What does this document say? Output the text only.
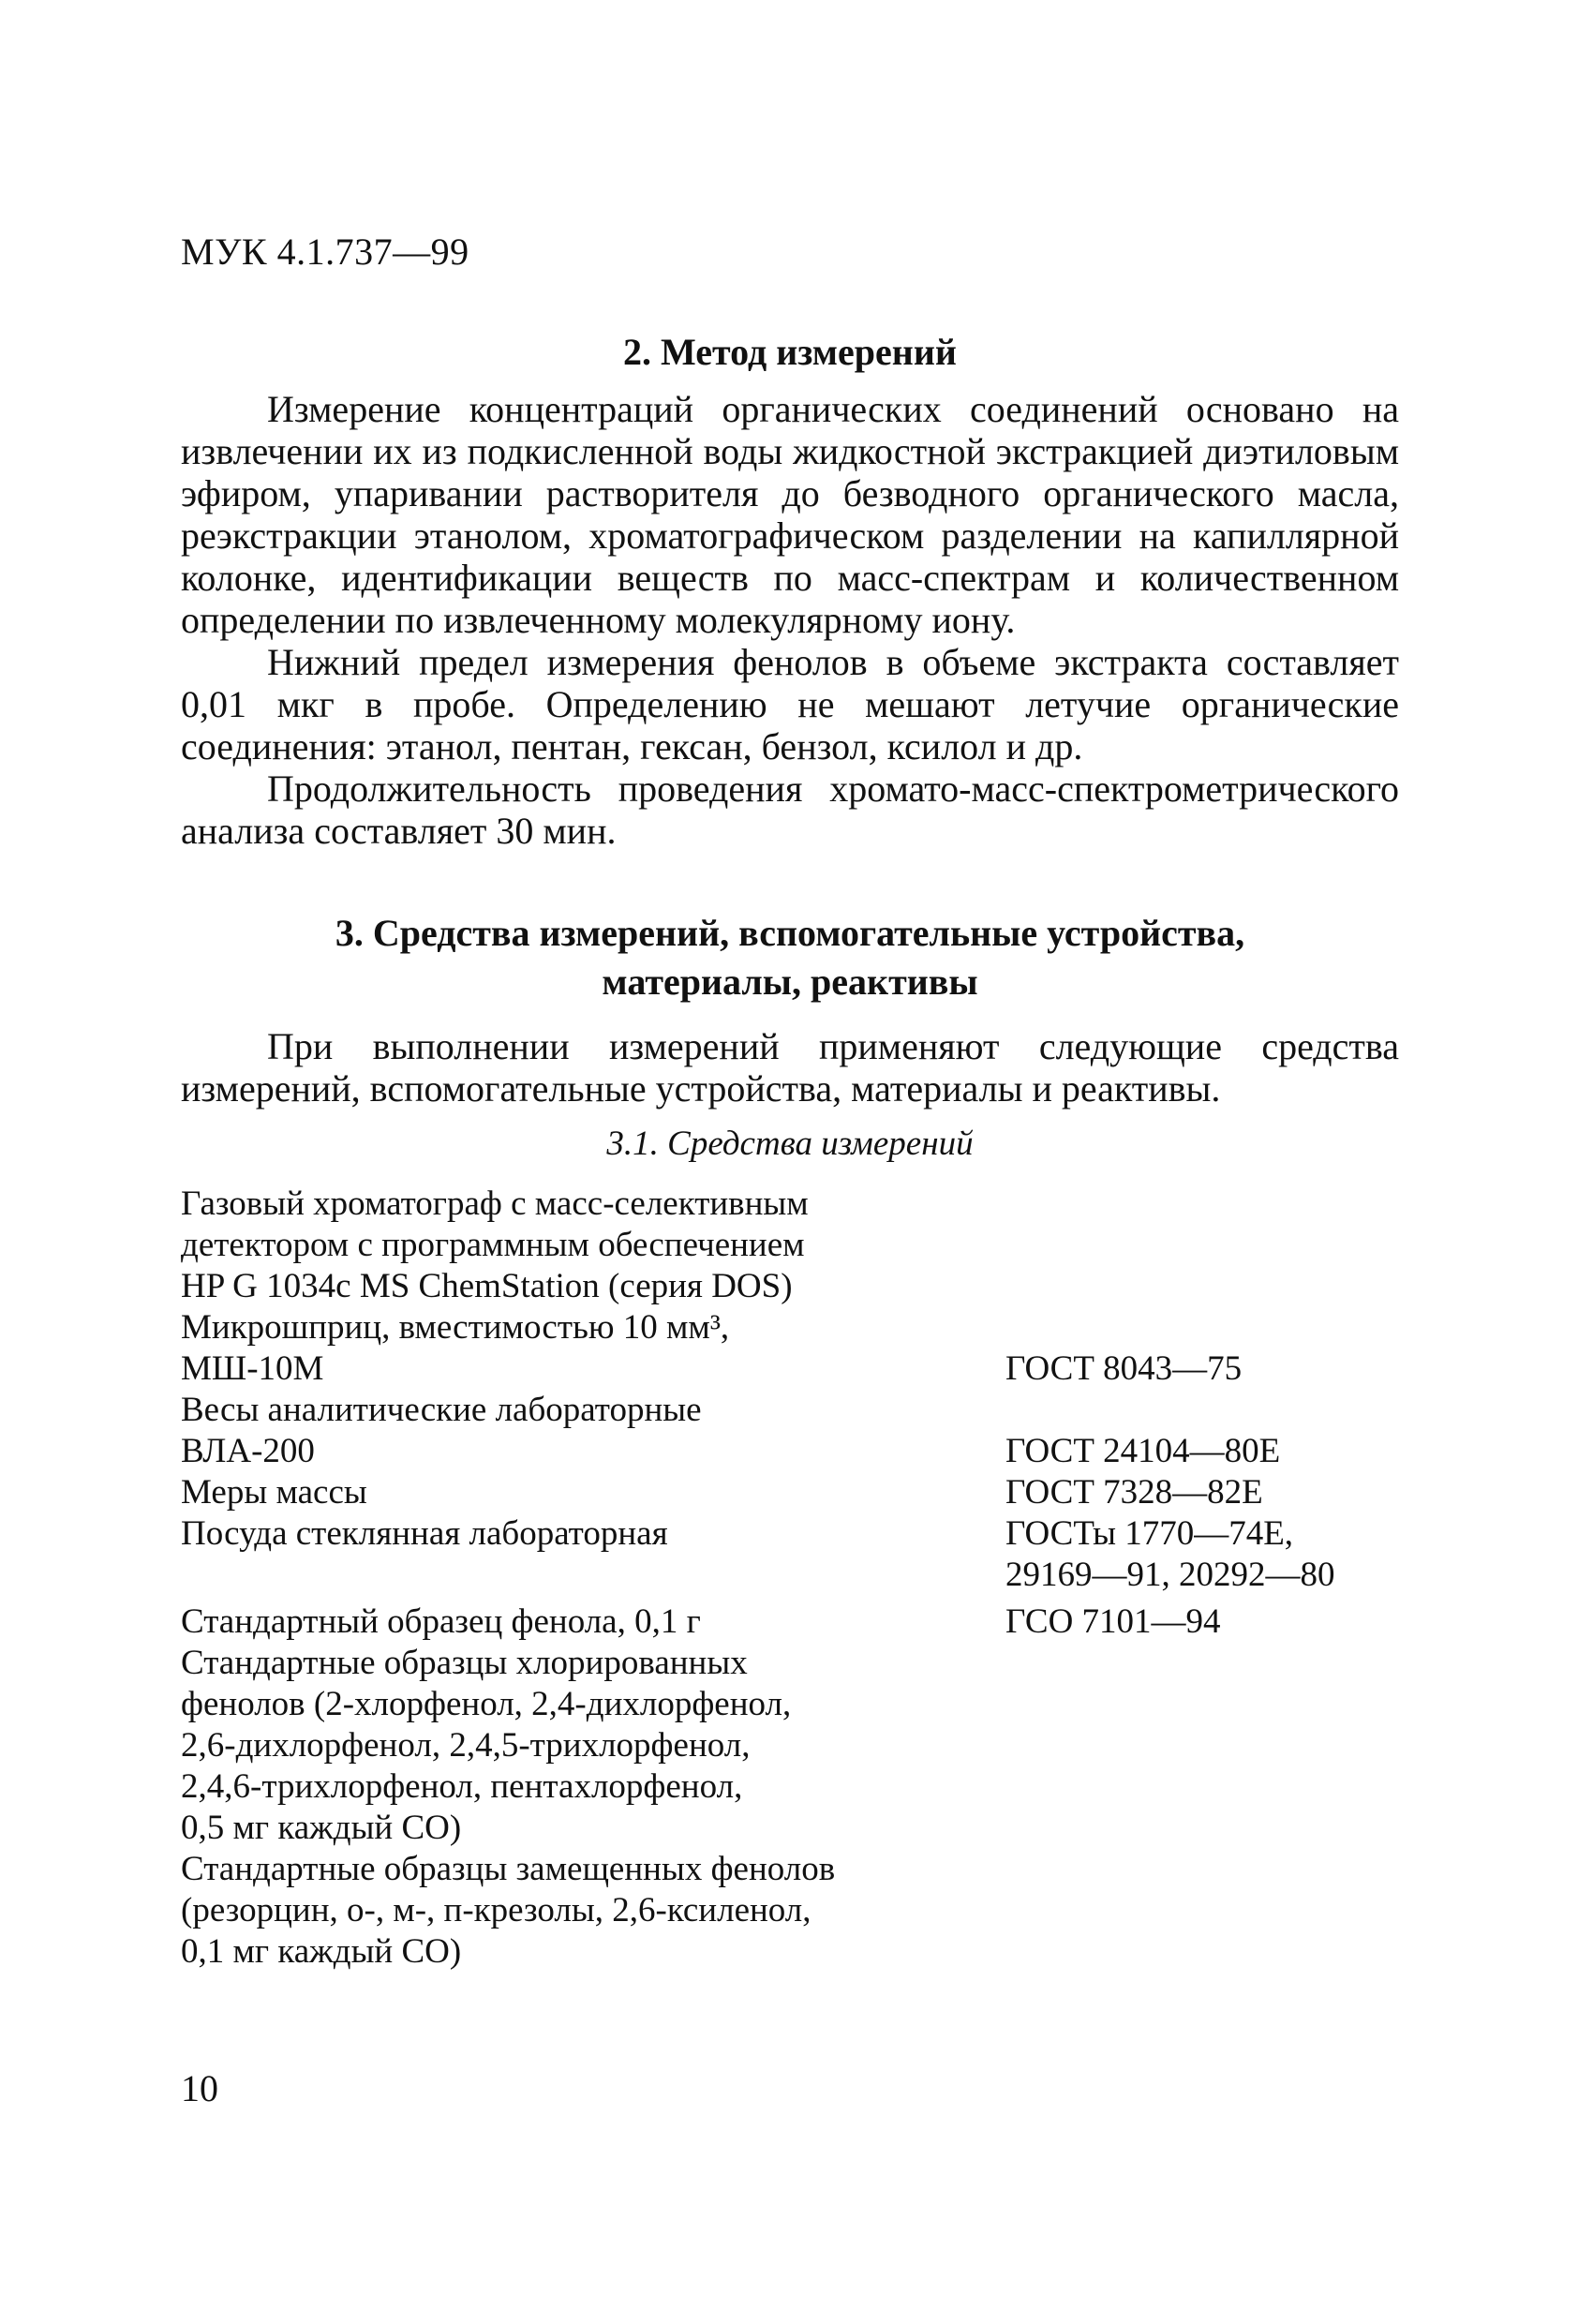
МУК 4.1.737—99
2. Метод измерений
Измерение концентраций органических соединений основано на извлечении их из подкисленной воды жидкостной экстракцией диэтиловым эфиром, упаривании растворителя до безводного органического масла, реэкстракции этанолом, хроматографическом разделении на капиллярной колонке, идентификации веществ по масс-спектрам и количественном определении по извлеченному молекулярному иону.
Нижний предел измерения фенолов в объеме экстракта составляет 0,01 мкг в пробе. Определению не мешают летучие органические соединения: этанол, пентан, гексан, бензол, ксилол и др.
Продолжительность проведения хромато-масс-спектрометрического анализа составляет 30 мин.
3. Средства измерений, вспомогательные устройства,
материалы, реактивы
При выполнении измерений применяют следующие средства измерений, вспомогательные устройства, материалы и реактивы.
3.1. Средства измерений
Газовый хроматограф с масс-селективным
детектором с программным обеспечением
HP G 1034c MS ChemStation (серия DOS)
Микрошприц, вместимостью 10 мм³,
МШ-10М	ГОСТ 8043—75
Весы аналитические лабораторные
ВЛА-200	ГОСТ 24104—80Е
Меры массы	ГОСТ 7328—82Е
Посуда стеклянная лабораторная	ГОСТы 1770—74Е,
29169—91, 20292—80
Стандартный образец фенола, 0,1 г	ГСО 7101—94
Стандартные образцы хлорированных
фенолов (2-хлорфенол, 2,4-дихлорфенол,
2,6-дихлорфенол, 2,4,5-трихлорфенол,
2,4,6-трихлорфенол, пентахлорфенол,
0,5 мг каждый СО)
Стандартные образцы замещенных фенолов
(резорцин, о-, м-, п-крезолы, 2,6-ксиленол,
0,1 мг каждый СО)
10
